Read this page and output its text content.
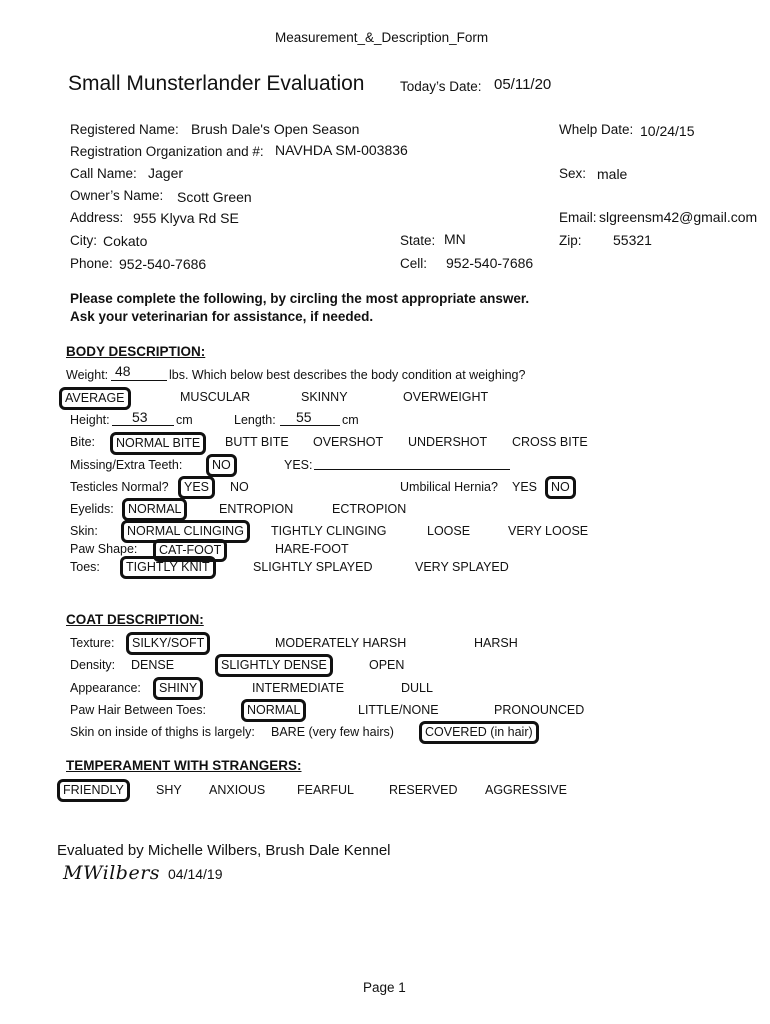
Measurement_&_Description_Form
Small Munsterlander Evaluation	Today’s Date: 05/11/20
Registered Name: Brush Dale's Open Season	Whelp Date: 10/24/15
Registration Organization and #: NAVHDA SM-003836
Call Name: Jager	Sex: male
Owner’s Name: Scott Green
Address: 955 Klyva Rd SE	Email: slgreensm42@gmail.com
City: Cokato	State: MN	Zip: 55321
Phone: 952-540-7686	Cell: 952-540-7686
Please complete the following, by circling the most appropriate answer.
Ask your veterinarian for assistance, if needed.
BODY DESCRIPTION:
Weight: 48	lbs. Which below best describes the body condition at weighing?
AVERAGE	MUSCULAR	SKINNY	OVERWEIGHT
Height: 53 cm	Length: 55 cm
Bite:	NORMAL BITE	BUTT BITE OVERSHOT UNDERSHOT CROSS BITE
Missing/Extra Teeth:	NO	YES:
Testicles Normal?	YES	NO	Umbilical Hernia? YES	NO
Eyelids:	NORMAL	ENTROPION	ECTROPION
Skin:	NORMAL CLINGING	TIGHTLY CLINGING	LOOSE	VERY LOOSE
Paw Shape:	CAT-FOOT	HARE-FOOT
Toes:	TIGHTLY KNIT	SLIGHTLY SPLAYED	VERY SPLAYED
COAT DESCRIPTION:
Texture:	SILKY/SOFT	MODERATELY HARSH	HARSH
Density: DENSE	SLIGHTLY DENSE	OPEN
Appearance:	SHINY	INTERMEDIATE	DULL
Paw Hair Between Toes:	NORMAL	LITTLE/NONE	PRONOUNCED
Skin on inside of thighs is largely: BARE (very few hairs)	COVERED (in hair)
TEMPERAMENT WITH STRANGERS:
FRIENDLY	SHY ANXIOUS	FEARFUL	RESERVED AGGRESSIVE
Evaluated by Michelle Wilbers, Brush Dale Kennel
MWilbers 04/14/19
Page 1
